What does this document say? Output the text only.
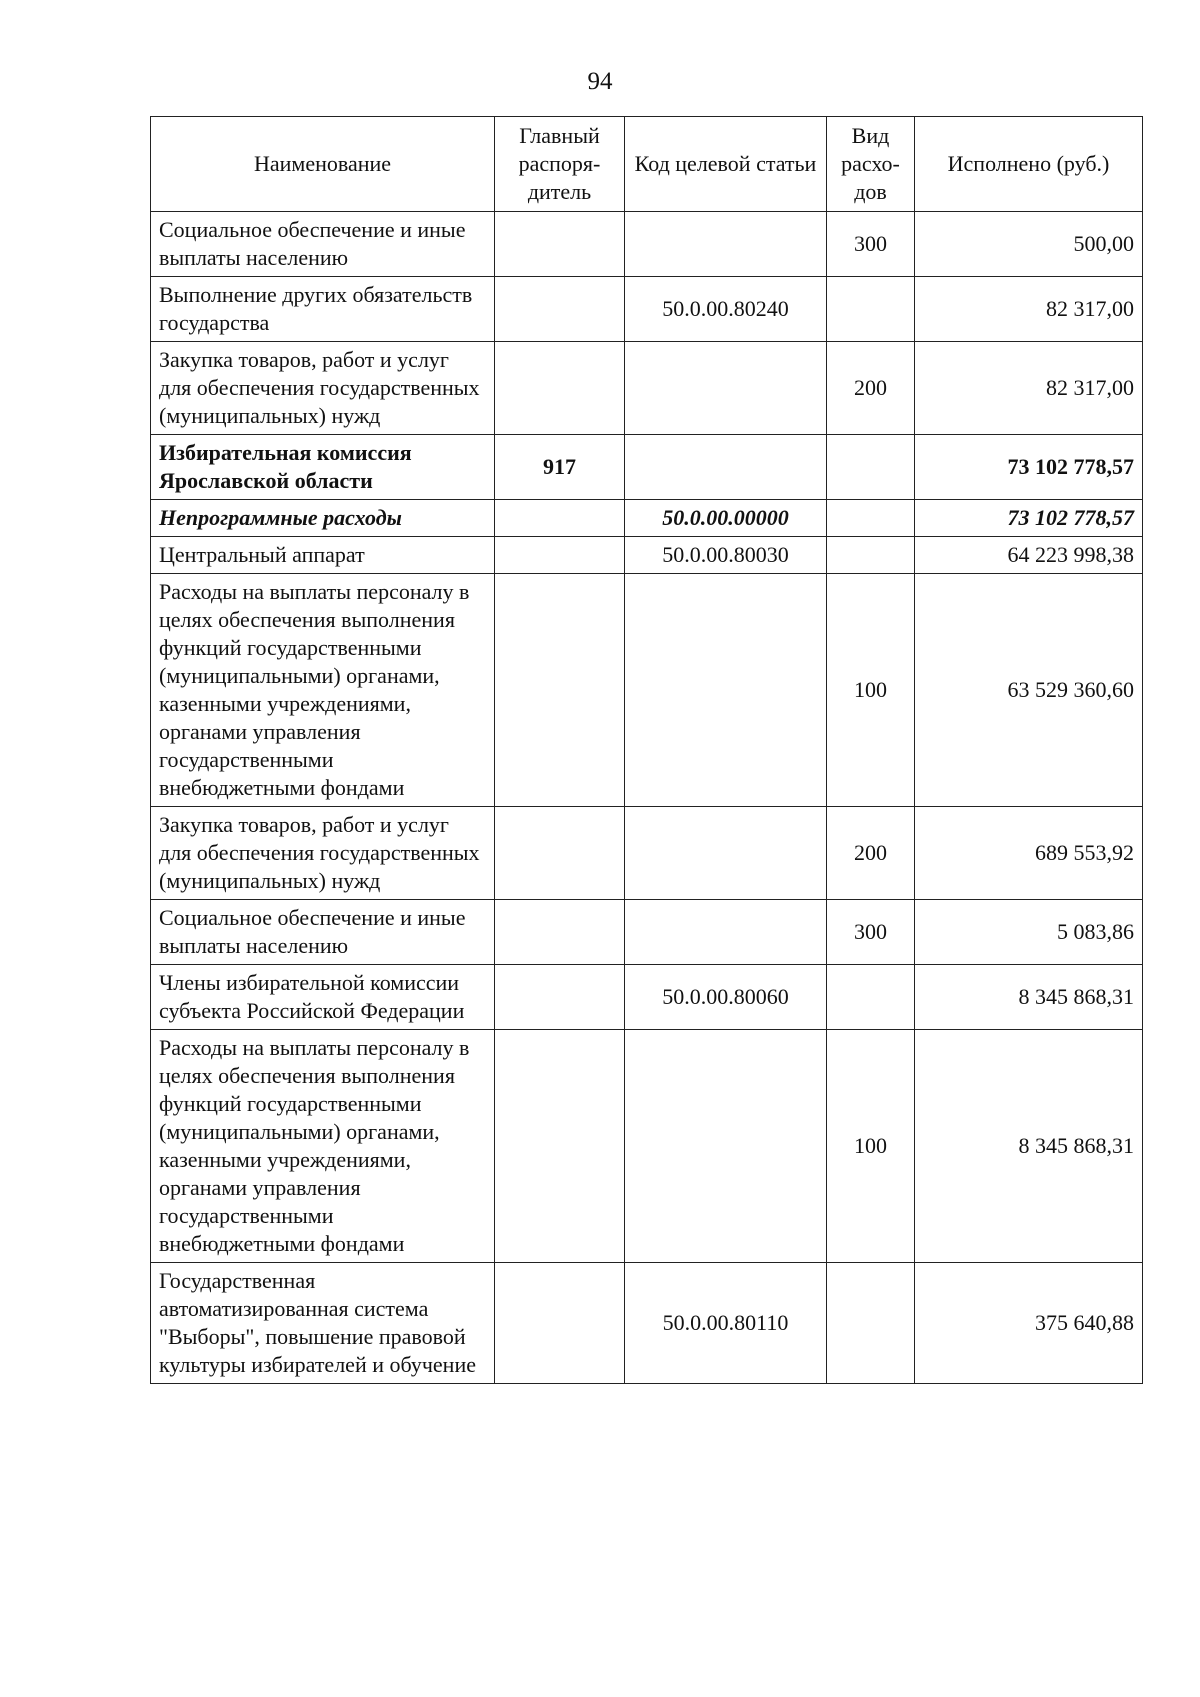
94
Наименование	Главный распоря-дитель	Код целевой статьи	Вид расхо-дов	Исполнено (руб.)
Социальное обеспечение и иные выплаты населению			300	500,00
Выполнение других обязательств государства		50.0.00.80240		82 317,00
Закупка товаров, работ и услуг для обеспечения государственных (муниципальных) нужд			200	82 317,00
Избирательная комиссия Ярославской области	917			73 102 778,57
Непрограммные расходы		50.0.00.00000		73 102 778,57
Центральный аппарат		50.0.00.80030		64 223 998,38
Расходы на выплаты персоналу в целях обеспечения выполнения функций государственными (муниципальными) органами, казенными учреждениями, органами управления государственными внебюджетными фондами			100	63 529 360,60
Закупка товаров, работ и услуг для обеспечения государственных (муниципальных) нужд			200	689 553,92
Социальное обеспечение и иные выплаты населению			300	5 083,86
Члены избирательной комиссии субъекта Российской Федерации		50.0.00.80060		8 345 868,31
Расходы на выплаты персоналу в целях обеспечения выполнения функций государственными (муниципальными) органами, казенными учреждениями, органами управления государственными внебюджетными фондами			100	8 345 868,31
Государственная автоматизированная система "Выборы", повышение правовой культуры избирателей и обучение		50.0.00.80110		375 640,88
